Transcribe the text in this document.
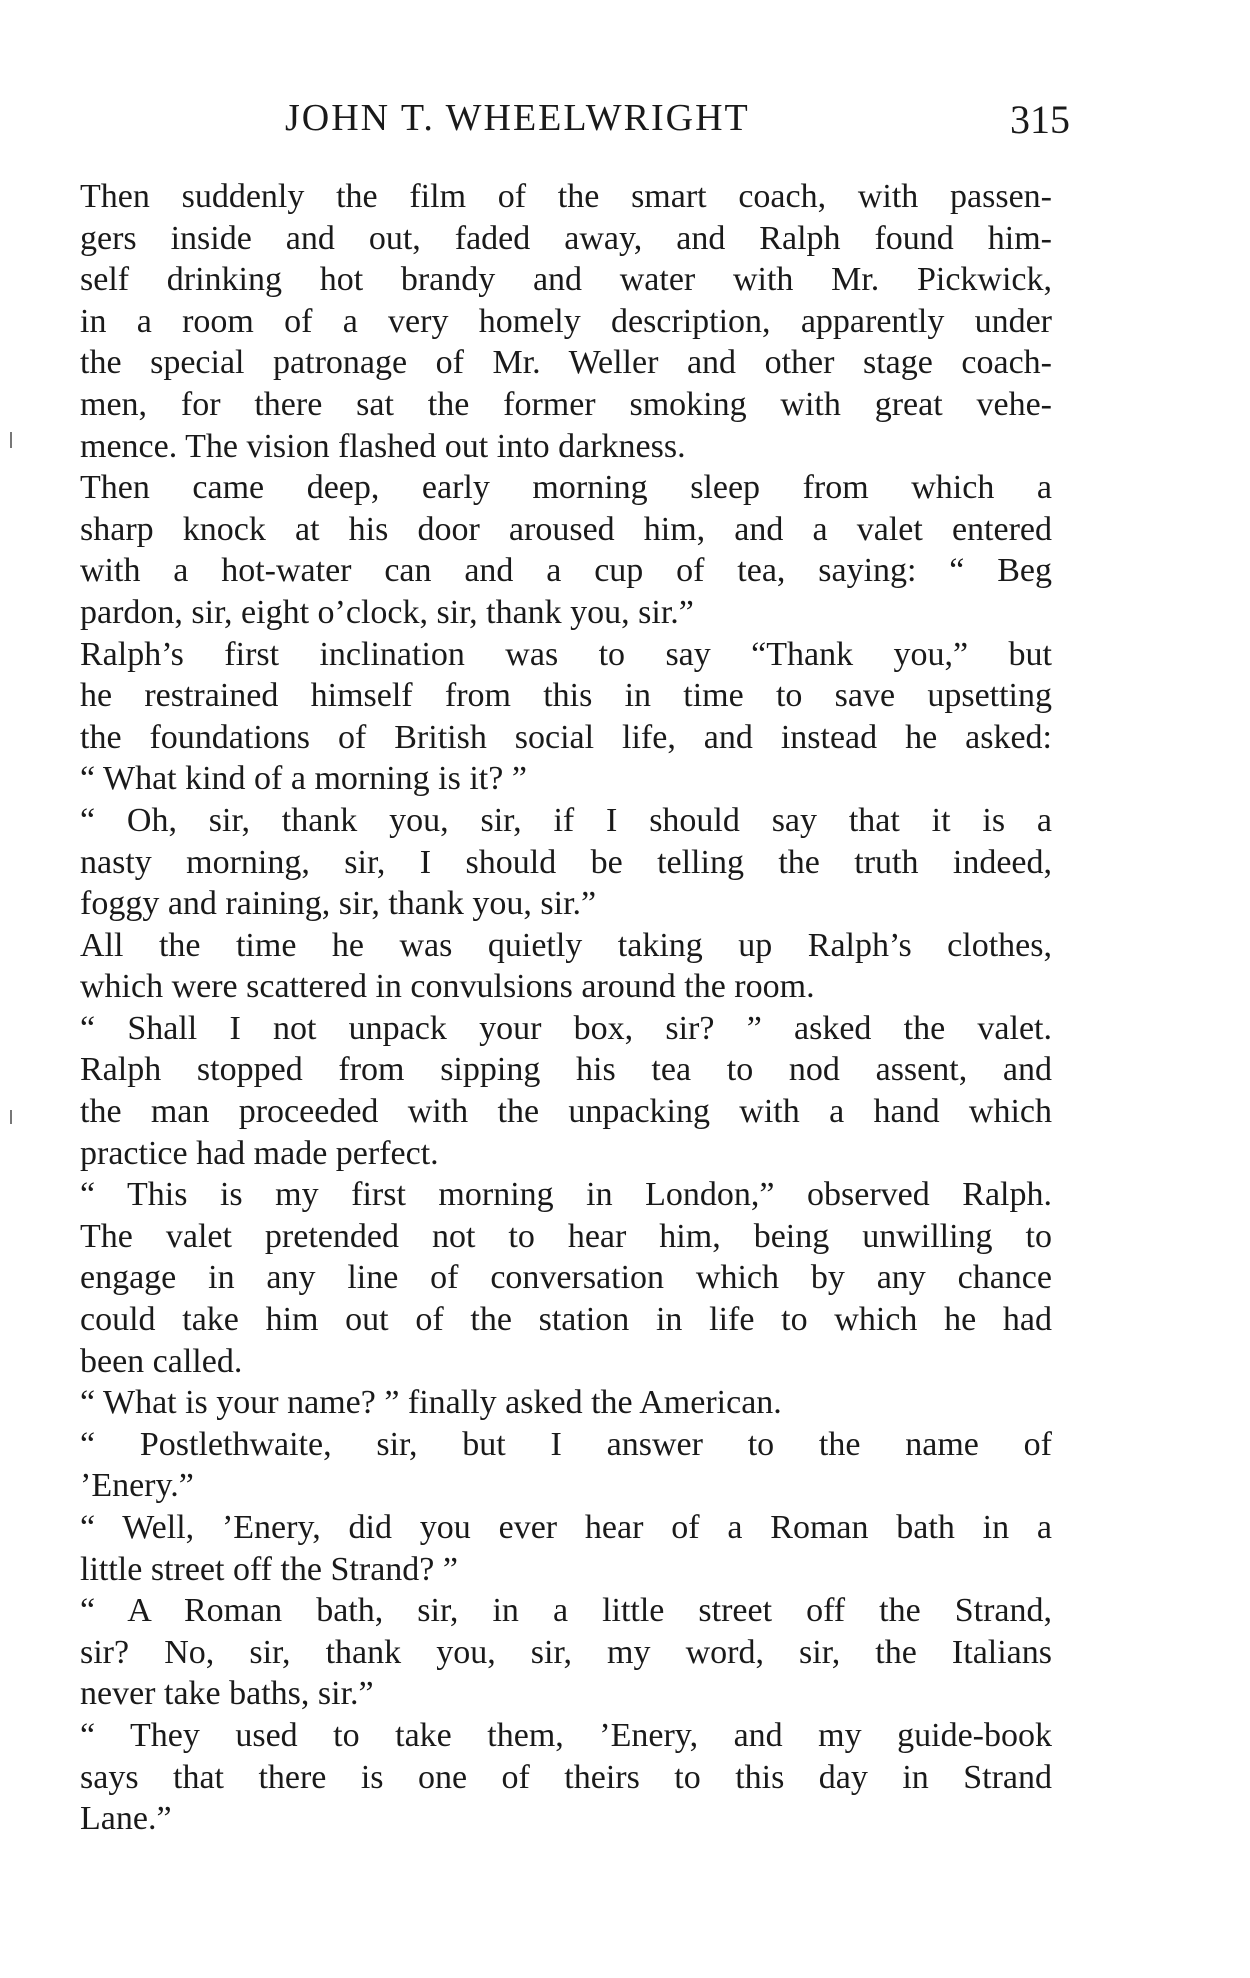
JOHN T. WHEELWRIGHT	315
Then suddenly the film of the smart coach, with passen-
gers inside and out, faded away, and Ralph found him-
self drinking hot brandy and water with Mr. Pickwick,
in a room of a very homely description, apparently under
the special patronage of Mr. Weller and other stage coach-
men, for there sat the former smoking with great vehe-
mence. The vision flashed out into darkness.
Then came deep, early morning sleep from which a
sharp knock at his door aroused him, and a valet entered
with a hot-water can and a cup of tea, saying: “ Beg
pardon, sir, eight o’clock, sir, thank you, sir.”
Ralph’s first inclination was to say “Thank you,” but
he restrained himself from this in time to save upsetting
the foundations of British social life, and instead he asked:
“ What kind of a morning is it? ”
“ Oh, sir, thank you, sir, if I should say that it is a
nasty morning, sir, I should be telling the truth indeed,
foggy and raining, sir, thank you, sir.”
All the time he was quietly taking up Ralph’s clothes,
which were scattered in convulsions around the room.
“ Shall I not unpack your box, sir? ” asked the valet.
Ralph stopped from sipping his tea to nod assent, and
the man proceeded with the unpacking with a hand which
practice had made perfect.
“ This is my first morning in London,” observed Ralph.
The valet pretended not to hear him, being unwilling to
engage in any line of conversation which by any chance
could take him out of the station in life to which he had
been called.
“ What is your name? ” finally asked the American.
“ Postlethwaite, sir, but I answer to the name of
’Enery.”
“ Well, ’Enery, did you ever hear of a Roman bath in a
little street off the Strand? ”
“ A Roman bath, sir, in a little street off the Strand,
sir? No, sir, thank you, sir, my word, sir, the Italians
never take baths, sir.”
“ They used to take them, ’Enery, and my guide-book
says that there is one of theirs to this day in Strand
Lane.”
